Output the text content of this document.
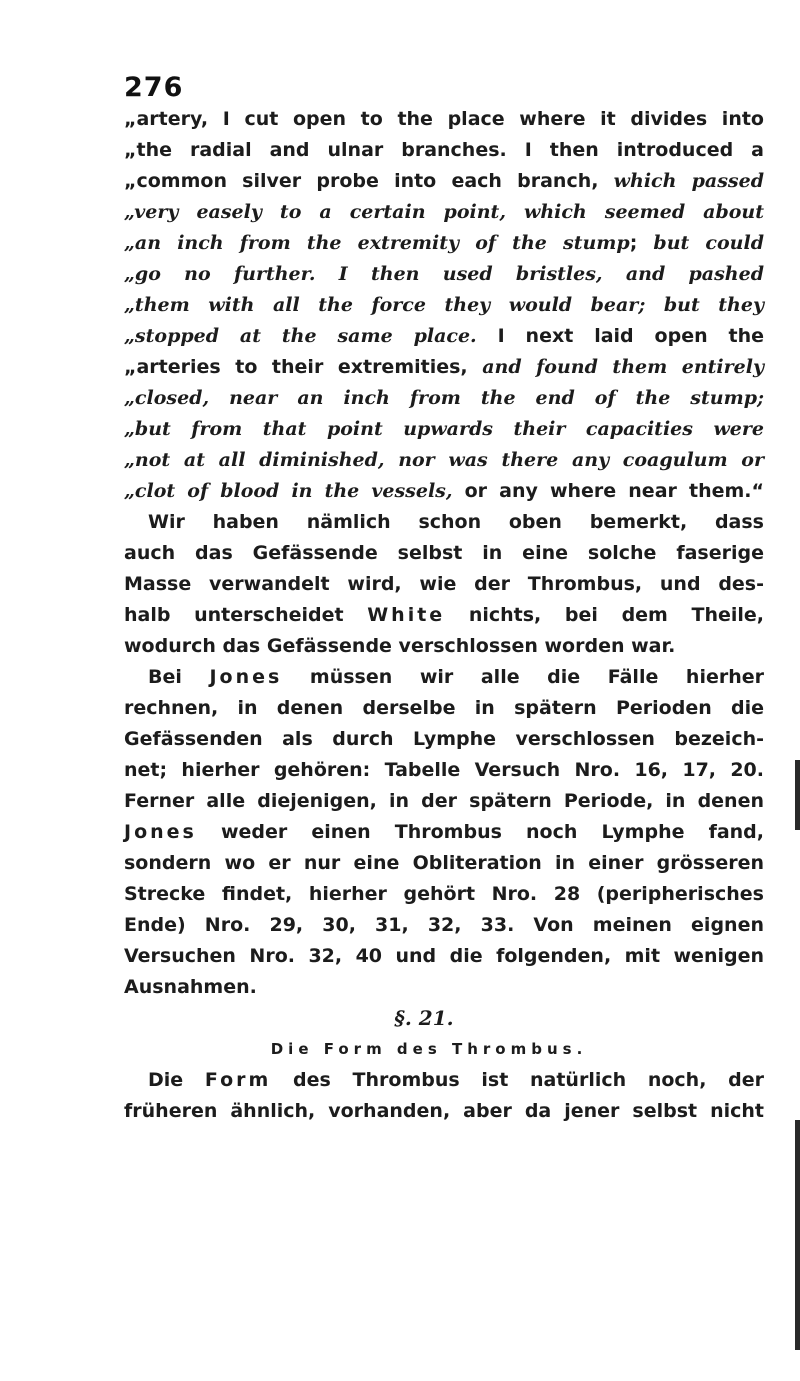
276
„artery, I cut open to the place where it divides into
„the radial and ulnar branches. I then introduced a
„common silver probe into each branch, which passed
„very easely to a certain point, which seemed about
„an inch from the extremity of the stump; but could
„go no further. I then used bristles, and pashed
„them with all the force they would bear; but they
„stopped at the same place. I next laid open the
„arteries to their extremities, and found them entirely
„closed, near an inch from the end of the stump;
„but from that point upwards their capacities were
„not at all diminished, nor was there any coagulum or
„clot of blood in the vessels, or any where near them.“
Wir haben nämlich schon oben bemerkt, dass
auch das Gefässende selbst in eine solche faserige
Masse verwandelt wird, wie der Thrombus, und des-
halb unterscheidet White nichts, bei dem Theile,
wodurch das Gefässende verschlossen worden war.
Bei Jones müssen wir alle die Fälle hierher
rechnen, in denen derselbe in spätern Perioden die
Gefässenden als durch Lymphe verschlossen bezeich-
net; hierher gehören: Tabelle Versuch Nro. 16, 17, 20.
Ferner alle diejenigen, in der spätern Periode, in denen
Jones weder einen Thrombus noch Lymphe fand,
sondern wo er nur eine Obliteration in einer grösseren
Strecke findet, hierher gehört Nro. 28 (peripherisches
Ende) Nro. 29, 30, 31, 32, 33. Von meinen eignen
Versuchen Nro. 32, 40 und die folgenden, mit wenigen
Ausnahmen.
§. 21.
Die Form des Thrombus.
Die Form des Thrombus ist natürlich noch, der
früheren ähnlich, vorhanden, aber da jener selbst nicht
